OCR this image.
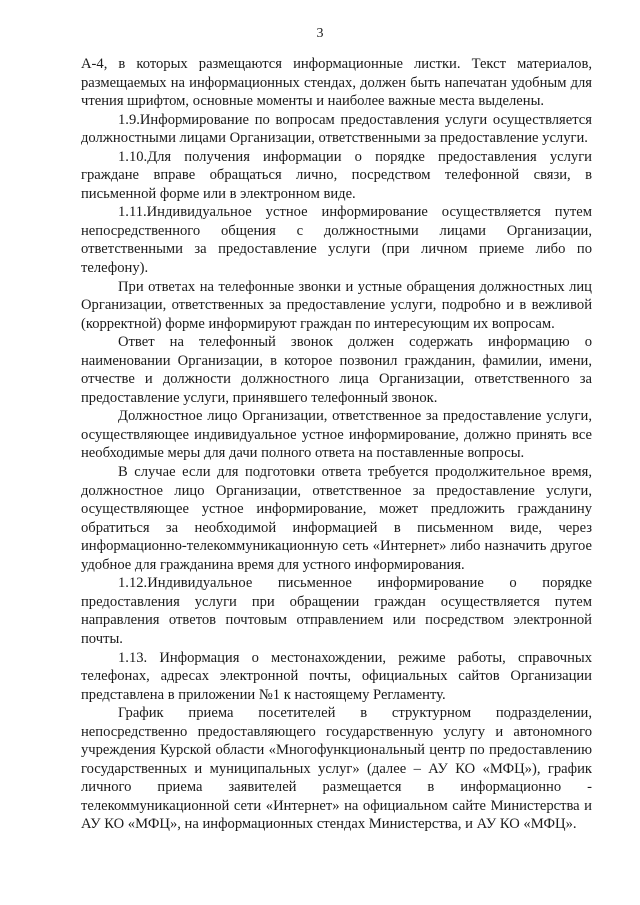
3

А-4, в которых размещаются информационные листки. Текст материалов, размещаемых на информационных стендах, должен быть напечатан удобным для чтения шрифтом, основные моменты и наиболее важные места выделены.

1.9.Информирование по вопросам предоставления услуги осуществляется должностными лицами Организации, ответственными за предоставление услуги.

1.10.Для получения информации о порядке предоставления услуги граждане вправе обращаться лично, посредством телефонной связи, в письменной форме или в электронном виде.

1.11.Индивидуальное устное информирование осуществляется путем непосредственного общения с должностными лицами Организации, ответственными за предоставление услуги (при личном приеме либо по телефону).

При ответах на телефонные звонки и устные обращения должностных лиц Организации, ответственных за предоставление услуги, подробно и в вежливой (корректной) форме информируют граждан по интересующим их вопросам.

Ответ на телефонный звонок должен содержать информацию о наименовании Организации, в которое позвонил гражданин, фамилии, имени, отчестве и должности должностного лица Организации, ответственного за предоставление услуги, принявшего телефонный звонок.

Должностное лицо Организации, ответственное за предоставление услуги, осуществляющее индивидуальное устное информирование, должно принять все необходимые меры для дачи полного ответа на поставленные вопросы.

В случае если для подготовки ответа требуется продолжительное время, должностное лицо Организации, ответственное за предоставление услуги, осуществляющее устное информирование, может предложить гражданину обратиться за необходимой информацией в письменном виде, через информационно-телекоммуникационную сеть «Интернет» либо назначить другое удобное для гражданина время для устного информирования.

1.12.Индивидуальное письменное информирование о порядке предоставления услуги при обращении граждан осуществляется путем направления ответов почтовым отправлением или посредством электронной почты.

1.13. Информация о местонахождении, режиме работы, справочных телефонах, адресах электронной почты, официальных сайтов Организации представлена в приложении №1 к настоящему Регламенту.

График приема посетителей в структурном подразделении, непосредственно предоставляющего государственную услугу и автономного учреждения Курской области «Многофункциональный центр по предоставлению государственных и муниципальных услуг» (далее – АУ КО «МФЦ»), график личного приема заявителей размещается в информационно - телекоммуникационной сети «Интернет» на официальном сайте Министерства и АУ КО «МФЦ», на информационных стендах Министерства, и АУ КО «МФЦ».
